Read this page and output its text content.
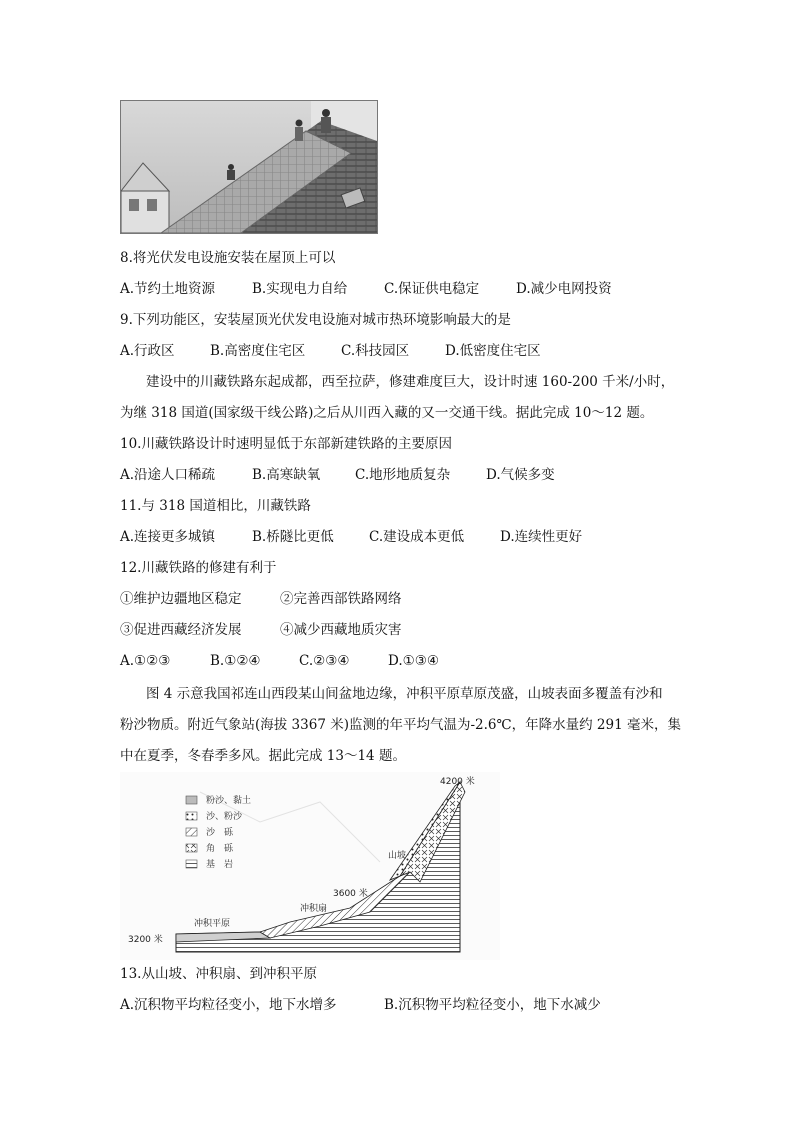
8.将光伏发电设施安装在屋顶上可以
A.节约土地资源	B.实现电力自给	C.保证供电稳定	D.减少电网投资
9.下列功能区，安装屋顶光伏发电设施对城市热环境影响最大的是
A.行政区	B.高密度住宅区	C.科技园区	D.低密度住宅区
建设中的川藏铁路东起成都，西至拉萨，修建难度巨大，设计时速 160-200 千米/小时，
为继 318 国道(国家级干线公路)之后从川西入藏的又一交通干线。据此完成 10～12 题。
10.川藏铁路设计时速明显低于东部新建铁路的主要原因
A.沿途人口稀疏	B.高寒缺氧	C.地形地质复杂	D.气候多变
11.与 318 国道相比，川藏铁路
A.连接更多城镇	B.桥隧比更低	C.建设成本更低	D.连续性更好
12.川藏铁路的修建有利于
①维护边疆地区稳定	②完善西部铁路网络
③促进西藏经济发展	④减少西藏地质灾害
A.①②③	B.①②④	C.②③④	D.①③④
图 4 示意我国祁连山西段某山间盆地边缘，冲积平原草原茂盛，山坡表面多覆盖有沙和
粉沙物质。附近气象站(海拔 3367 米)监测的年平均气温为-2.6℃，年降水量约 291 毫米，集
中在夏季，冬春季多风。据此完成 13～14 题。
粉沙、黏土
沙、粉沙
沙　砾
角　砾
基　岩
4200 米
山坡
3600 米
冲积扇
冲积平原
3200 米
13.从山坡、冲积扇、到冲积平原
A.沉积物平均粒径变小，地下水增多	B.沉积物平均粒径变小，地下水减少
